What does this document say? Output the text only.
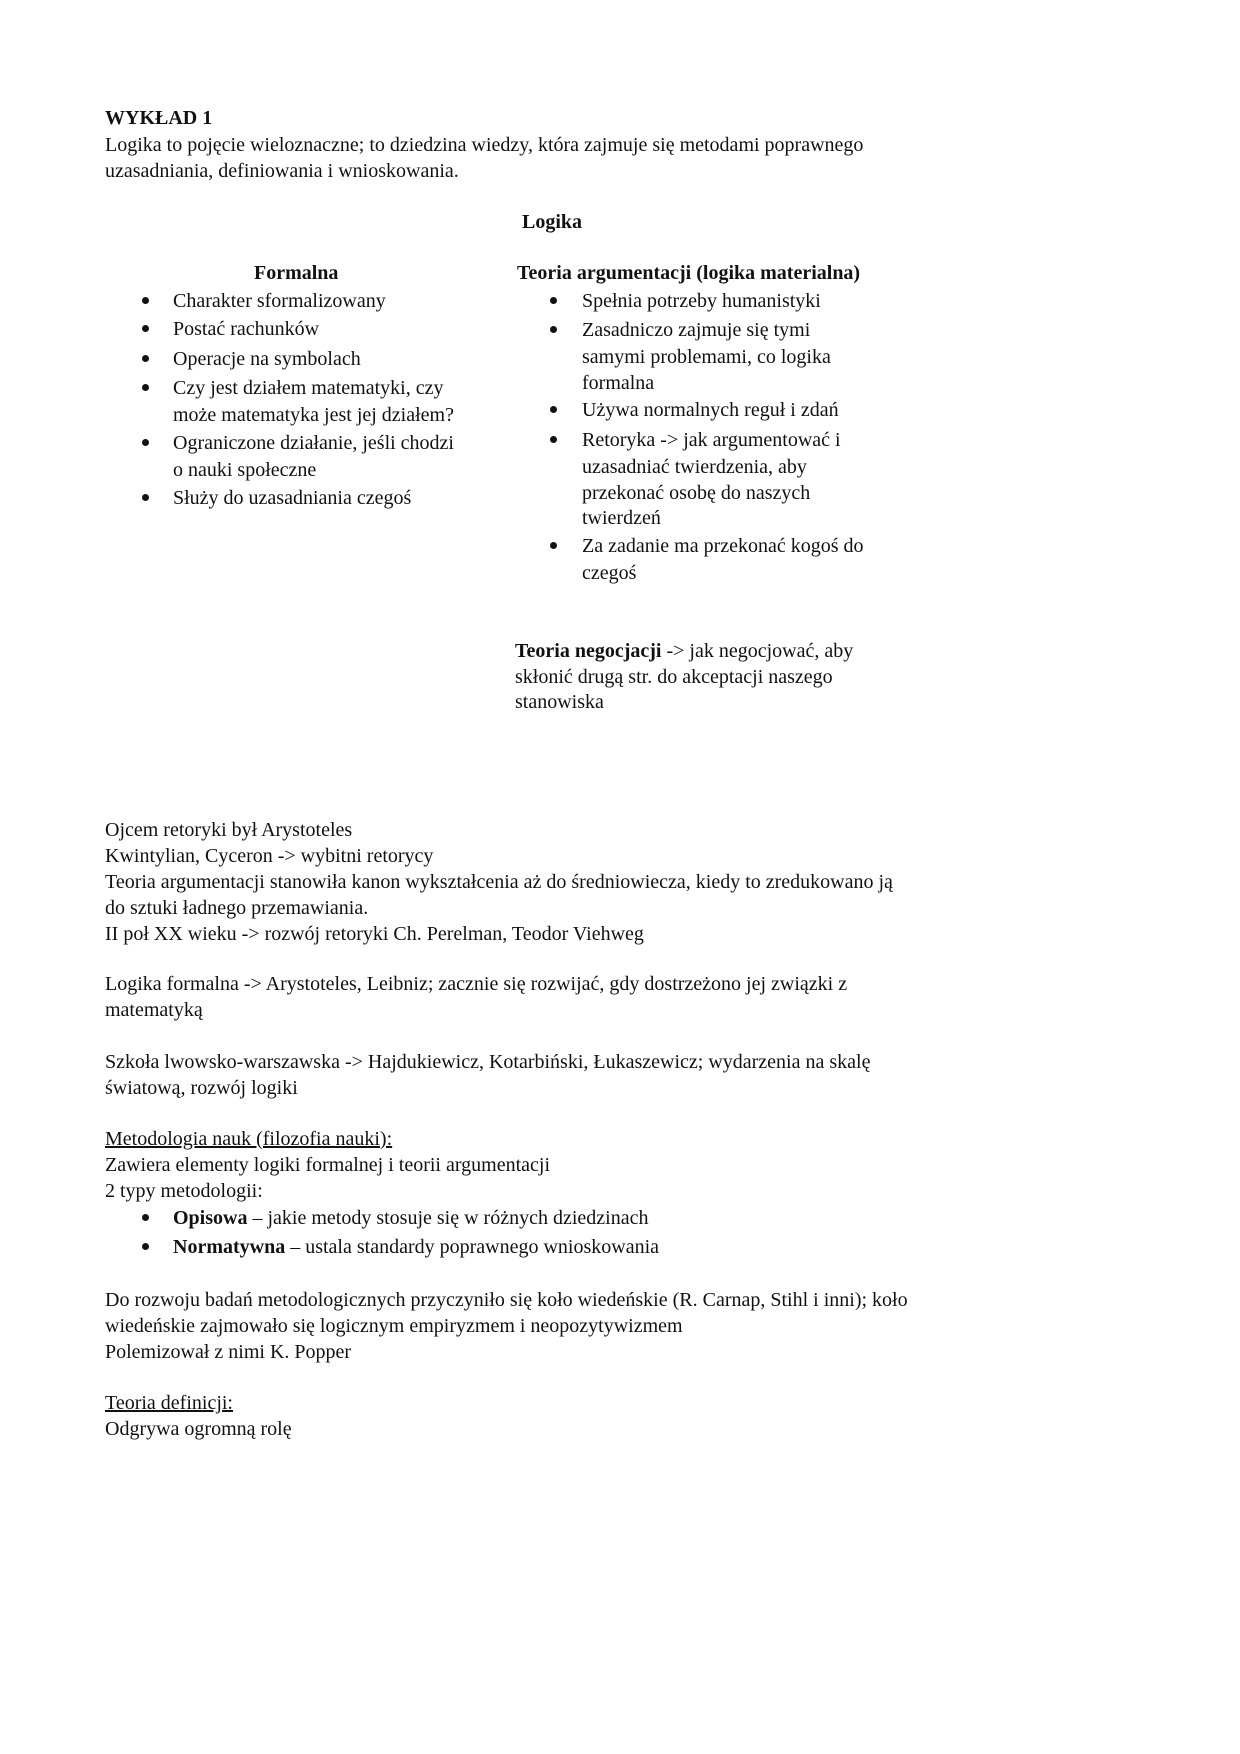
WYKŁAD 1
Logika to pojęcie wieloznaczne; to dziedzina wiedzy, która zajmuje się metodami poprawnego
uzasadniania, definiowania i wnioskowania.
Logika
Formalna
Charakter sformalizowany
Postać rachunków
Operacje na symbolach
Czy jest działem matematyki, czy
może matematyka jest jej działem?
Ograniczone działanie, jeśli chodzi
o nauki społeczne
Służy do uzasadniania czegoś
Teoria argumentacji (logika materialna)
Spełnia potrzeby humanistyki
Zasadniczo zajmuje się tymi
samymi problemami, co logika
formalna
Używa normalnych reguł i zdań
Retoryka -> jak argumentować i
uzasadniać twierdzenia, aby
przekonać osobę do naszych
twierdzeń
Za zadanie ma przekonać kogoś do
czegoś
Teoria negocjacji -> jak negocjować, aby
skłonić drugą str. do akceptacji naszego
stanowiska
Ojcem retoryki był Arystoteles
Kwintylian, Cyceron -> wybitni retorycy
Teoria argumentacji stanowiła kanon wykształcenia aż do średniowiecza, kiedy to zredukowano ją
do sztuki ładnego przemawiania.
II poł XX wieku -> rozwój retoryki Ch. Perelman, Teodor Viehweg
Logika formalna -> Arystoteles, Leibniz; zacznie się rozwijać, gdy dostrzeżono jej związki z
matematyką
Szkoła lwowsko-warszawska -> Hajdukiewicz, Kotarbiński, Łukaszewicz; wydarzenia na skalę
światową, rozwój logiki
Metodologia nauk (filozofia nauki):
Zawiera elementy logiki formalnej i teorii argumentacji
2 typy metodologii:
Opisowa – jakie metody stosuje się w różnych dziedzinach
Normatywna – ustala standardy poprawnego wnioskowania
Do rozwoju badań metodologicznych przyczyniło się koło wiedeńskie (R. Carnap, Stihl i inni); koło
wiedeńskie zajmowało się logicznym empiryzmem i neopozytywizmem
Polemizował z nimi K. Popper
Teoria definicji:
Odgrywa ogromną rolę
